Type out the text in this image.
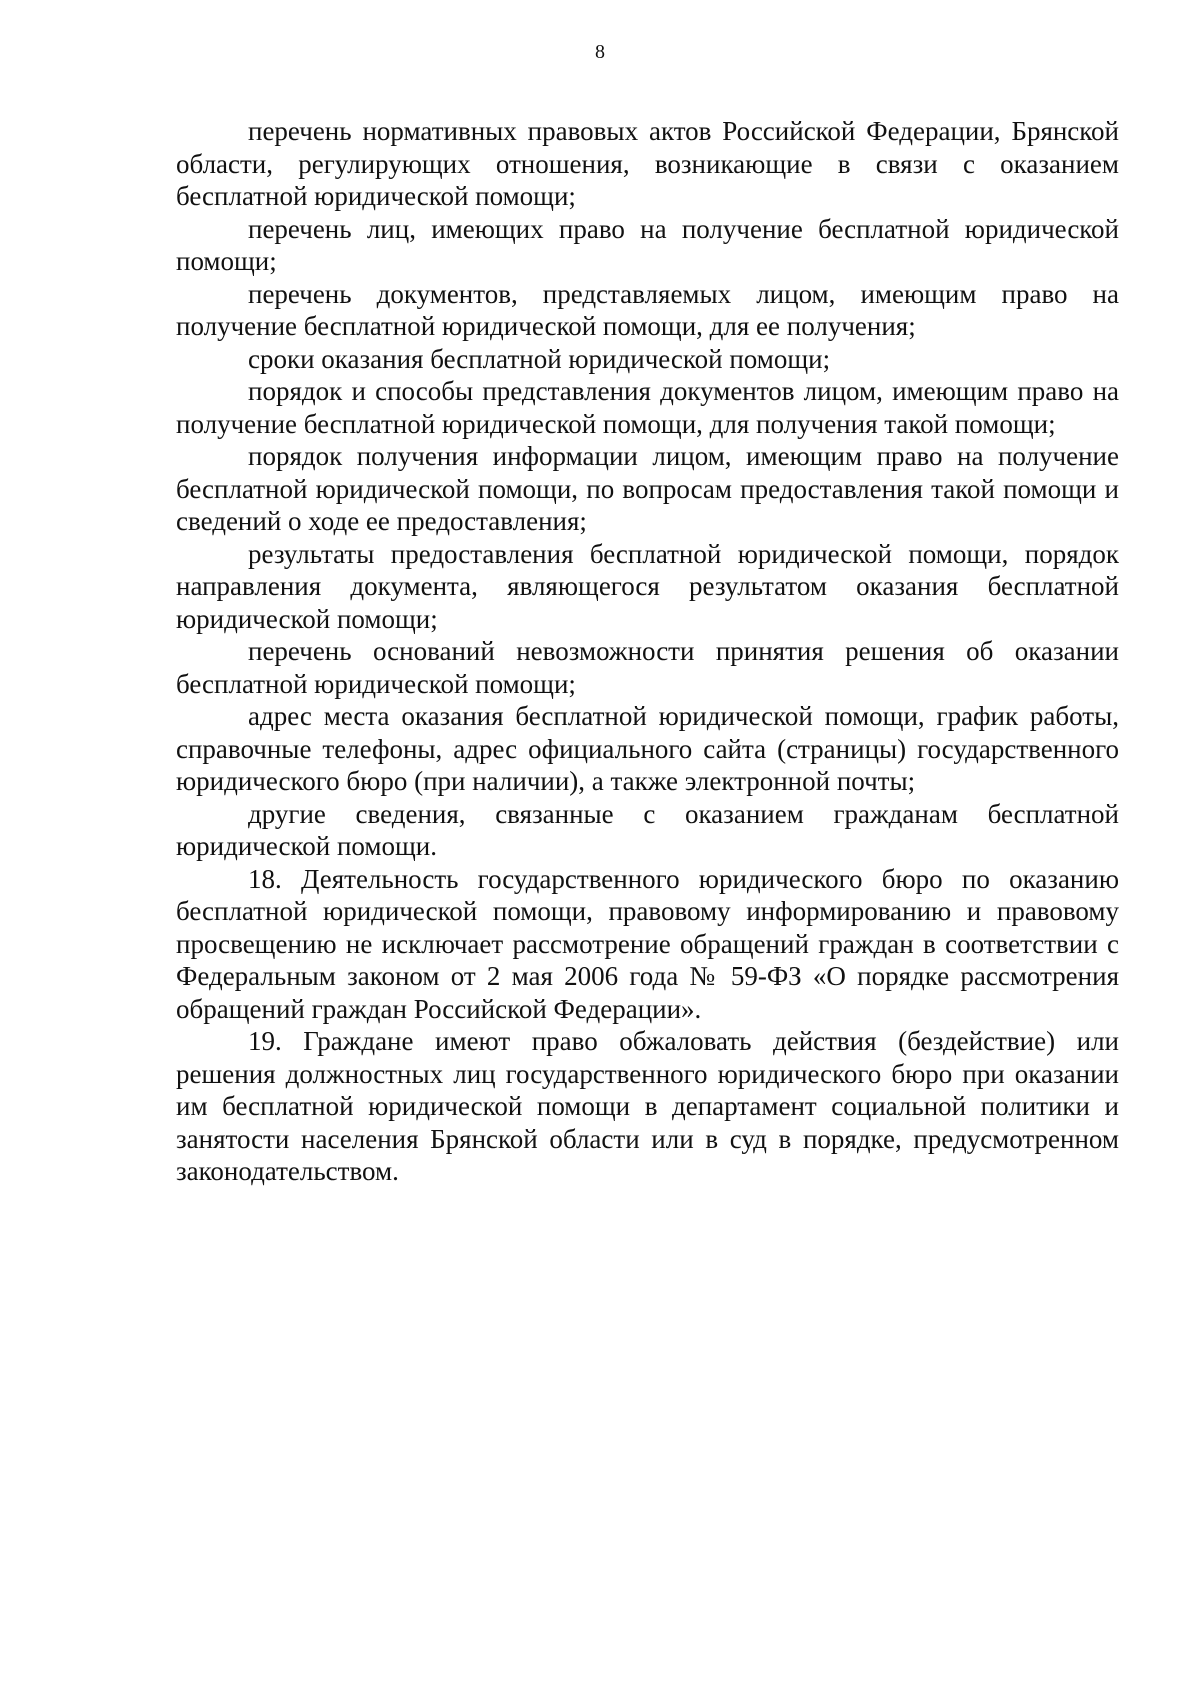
8

перечень нормативных правовых актов Российской Федерации, Брянской области, регулирующих отношения, возникающие в связи с оказанием бесплатной юридической помощи;

перечень лиц, имеющих право на получение бесплатной юридической помощи;

перечень документов, представляемых лицом, имеющим право на получение бесплатной юридической помощи, для ее получения;

сроки оказания бесплатной юридической помощи;

порядок и способы представления документов лицом, имеющим право на получение бесплатной юридической помощи, для получения такой помощи;

порядок получения информации лицом, имеющим право на получение бесплатной юридической помощи, по вопросам предоставления такой помощи и сведений о ходе ее предоставления;

результаты предоставления бесплатной юридической помощи, порядок направления документа, являющегося результатом оказания бесплатной юридической помощи;

перечень оснований невозможности принятия решения об оказании бесплатной юридической помощи;

адрес места оказания бесплатной юридической помощи, график работы, справочные телефоны, адрес официального сайта (страницы) государственного юридического бюро (при наличии), а также электронной почты;

другие сведения, связанные с оказанием гражданам бесплатной юридической помощи.

18. Деятельность государственного юридического бюро по оказанию бесплатной юридической помощи, правовому информированию и правовому просвещению не исключает рассмотрение обращений граждан в соответствии с Федеральным законом от 2 мая 2006 года № 59-ФЗ «О порядке рассмотрения обращений граждан Российской Федерации».

19. Граждане имеют право обжаловать действия (бездействие) или решения должностных лиц государственного юридического бюро при оказании им бесплатной юридической помощи в департамент социальной политики и занятости населения Брянской области или в суд в порядке, предусмотренном законодательством.
